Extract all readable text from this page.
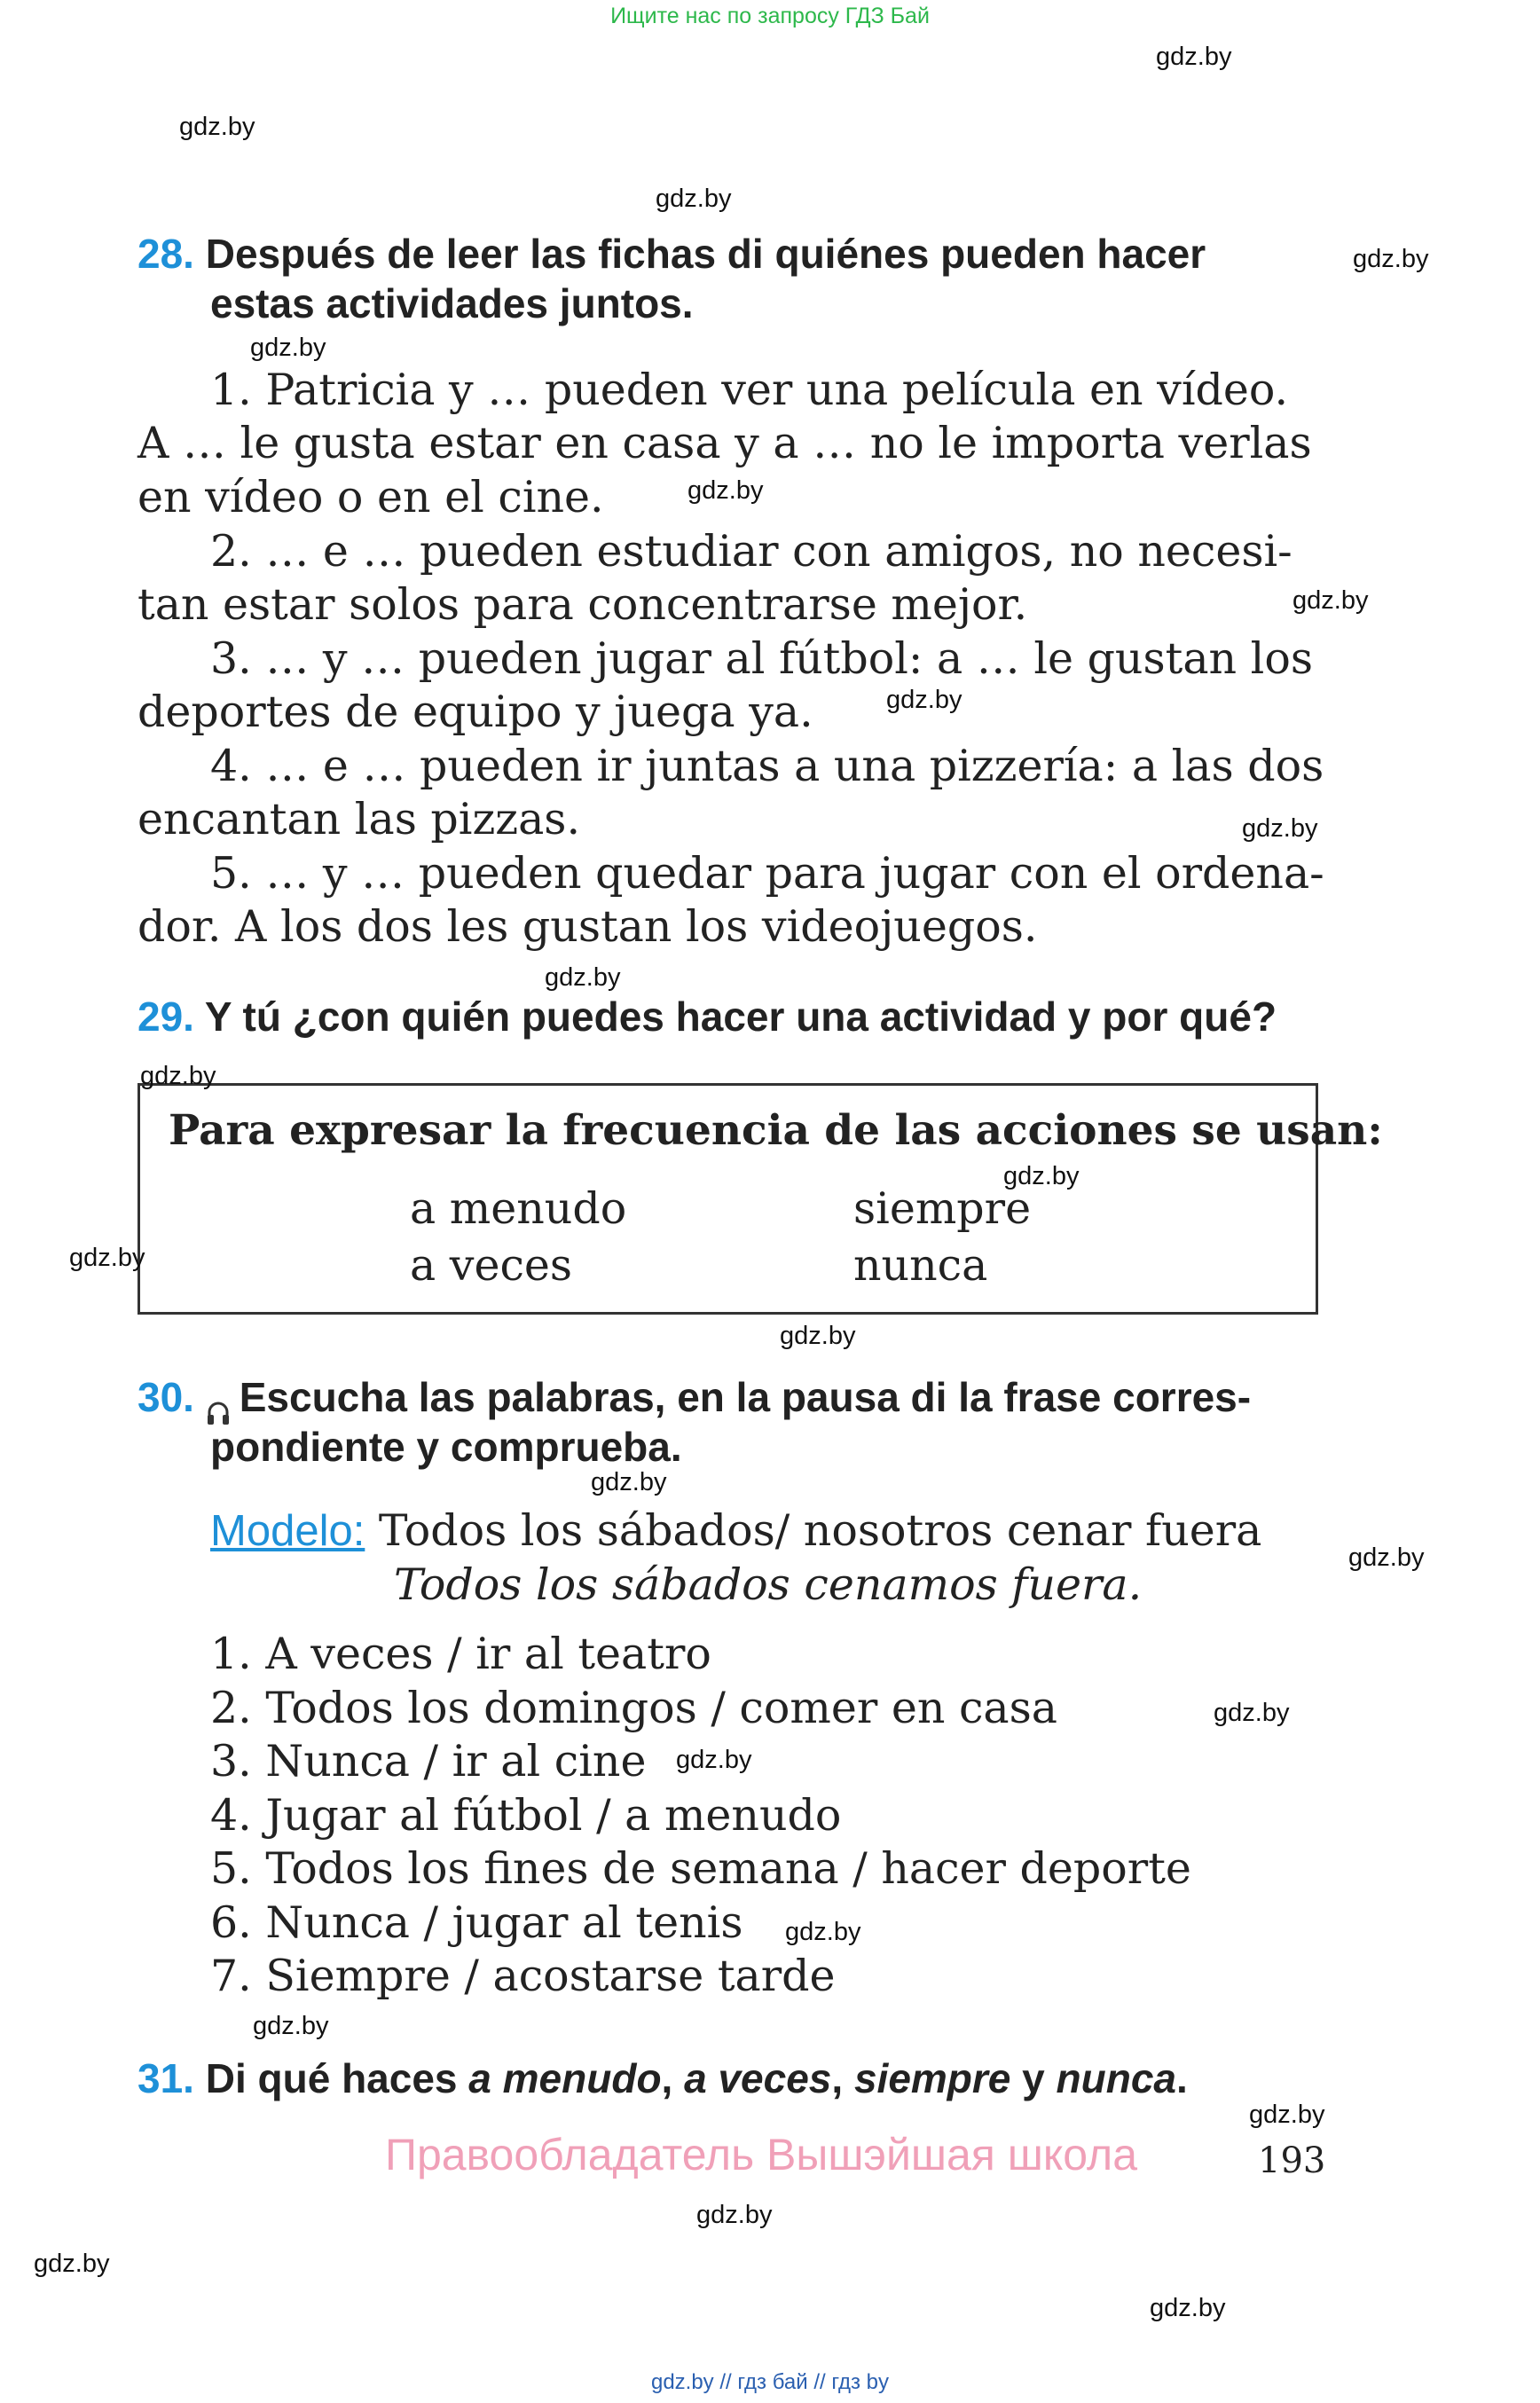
Ищите нас по запросу ГДЗ Бай
28. Después de leer las fichas di quiénes pueden hacer
estas actividades juntos.
1. Patricia y … pueden ver una película en vídeo.
A … le gusta estar en casa y a … no le importa verlas
en vídeo o en el cine.
2. … e … pueden estudiar con amigos, no necesi-
tan estar solos para concentrarse mejor.
3. … y … pueden jugar al fútbol: a … le gustan los
deportes de equipo y juega ya.
4. … e … pueden ir juntas a una pizzería: a las dos
encantan las pizzas.
5. … y … pueden quedar para jugar con el ordena-
dor. A los dos les gustan los videojuegos.
29. Y tú ¿con quién puedes hacer una actividad y por qué?
Para expresar la frecuencia de las acciones se usan:
a menudo	siempre
a veces	nunca
30. Escucha las palabras, en la pausa di la frase corres-
pondiente y comprueba.
Modelo: Todos los sábados/ nosotros cenar fuera
Todos los sábados cenamos fuera.
1. A veces / ir al teatro
2. Todos los domingos / comer en casa
3. Nunca / ir al cine
4. Jugar al fútbol / a menudo
5. Todos los fines de semana / hacer deporte
6. Nunca / jugar al tenis
7. Siempre / acostarse tarde
31. Di qué haces a menudo, a veces, siempre y nunca.
Правообладатель Вышэйшая школа	193
gdz.by // гдз бай // гдз by
gdz.by
gdz.by
gdz.by
gdz.by
gdz.by
gdz.by
gdz.by
gdz.by
gdz.by
gdz.by
gdz.by
gdz.by
gdz.by
gdz.by
gdz.by
gdz.by
gdz.by
gdz.by
gdz.by
gdz.by
gdz.by
gdz.by
gdz.by
gdz.by
